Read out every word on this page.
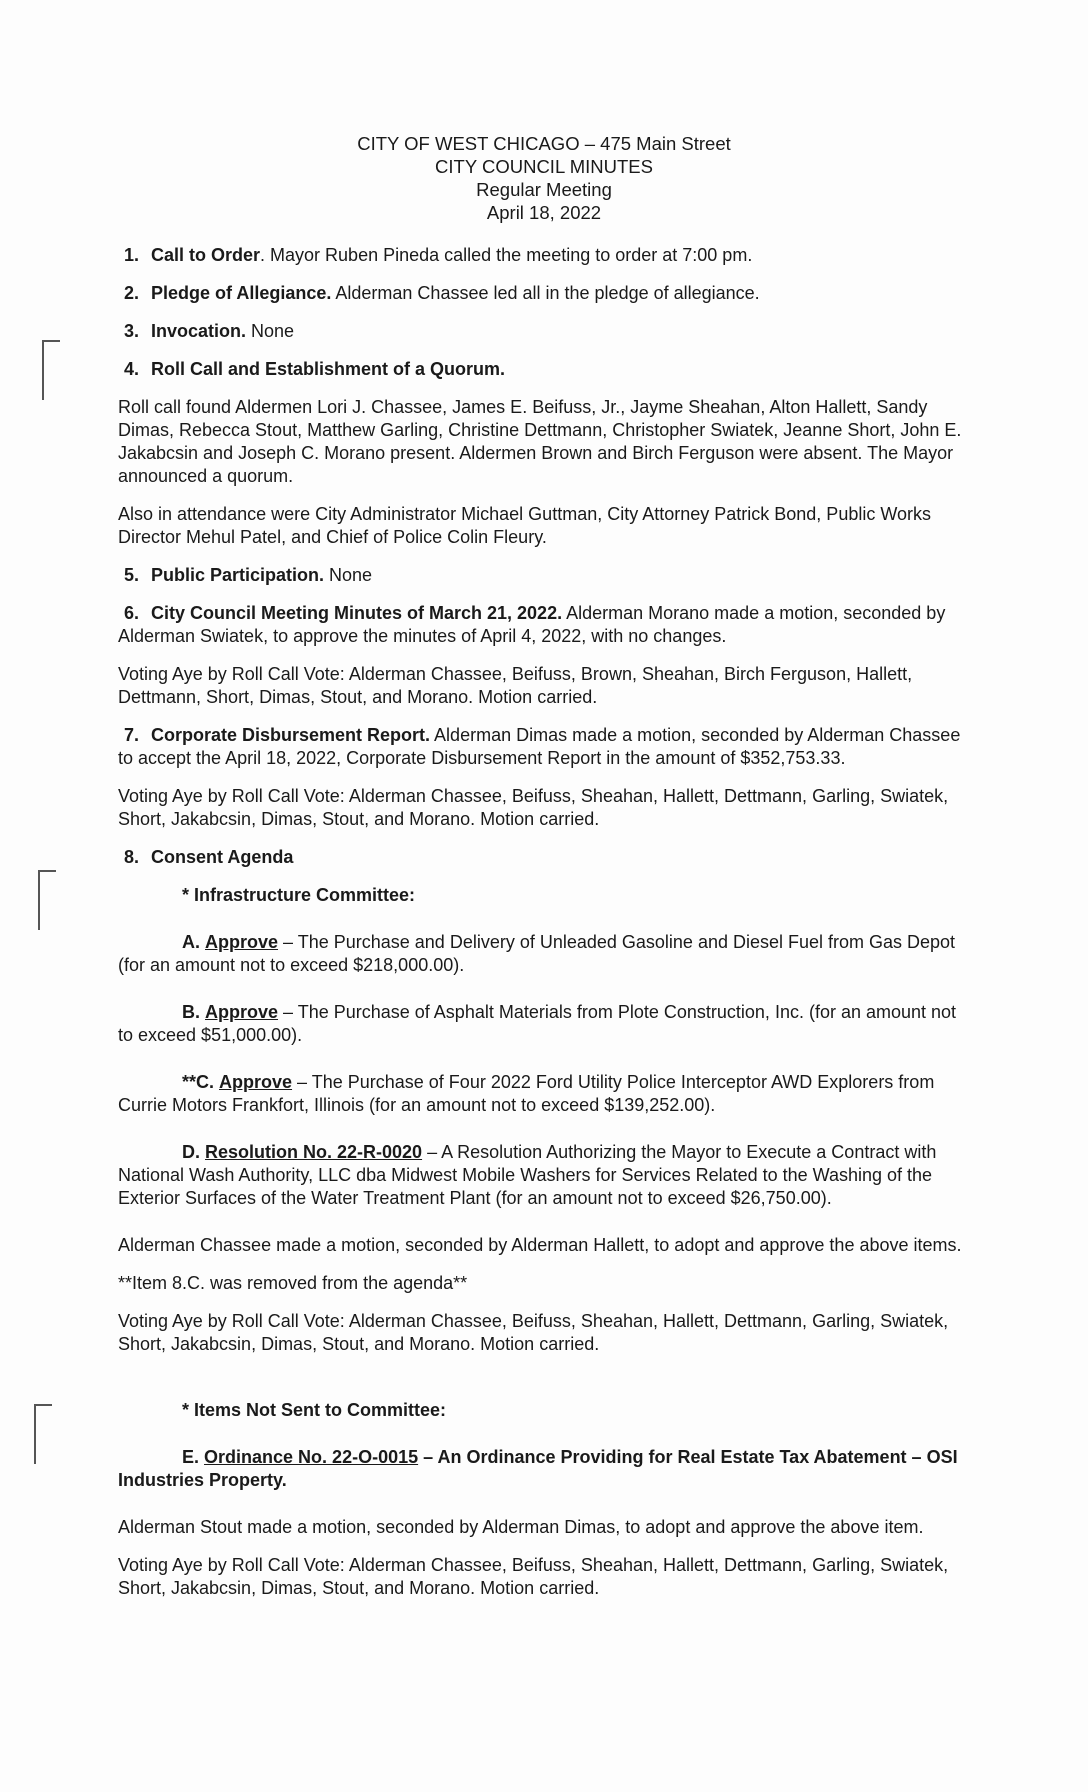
CITY OF WEST CHICAGO – 475 Main Street
CITY COUNCIL MINUTES
Regular Meeting
April 18, 2022
1. Call to Order. Mayor Ruben Pineda called the meeting to order at 7:00 pm.
2. Pledge of Allegiance. Alderman Chassee led all in the pledge of allegiance.
3. Invocation. None
4. Roll Call and Establishment of a Quorum.

Roll call found Aldermen Lori J. Chassee, James E. Beifuss, Jr., Jayme Sheahan, Alton Hallett, Sandy Dimas, Rebecca Stout, Matthew Garling, Christine Dettmann, Christopher Swiatek, Jeanne Short, John E. Jakabcsin and Joseph C. Morano present. Aldermen Brown and Birch Ferguson were absent. The Mayor announced a quorum.

Also in attendance were City Administrator Michael Guttman, City Attorney Patrick Bond, Public Works Director Mehul Patel, and Chief of Police Colin Fleury.

5. Public Participation. None
6. City Council Meeting Minutes of March 21, 2022. Alderman Morano made a motion, seconded by Alderman Swiatek, to approve the minutes of April 4, 2022, with no changes.

Voting Aye by Roll Call Vote: Alderman Chassee, Beifuss, Brown, Sheahan, Birch Ferguson, Hallett, Dettmann, Short, Dimas, Stout, and Morano. Motion carried.

7. Corporate Disbursement Report. Alderman Dimas made a motion, seconded by Alderman Chassee to accept the April 18, 2022, Corporate Disbursement Report in the amount of $352,753.33.

Voting Aye by Roll Call Vote: Alderman Chassee, Beifuss, Sheahan, Hallett, Dettmann, Garling, Swiatek, Short, Jakabcsin, Dimas, Stout, and Morano. Motion carried.

8. Consent Agenda
* Infrastructure Committee:
A. Approve – The Purchase and Delivery of Unleaded Gasoline and Diesel Fuel from Gas Depot (for an amount not to exceed $218,000.00).
B. Approve – The Purchase of Asphalt Materials from Plote Construction, Inc. (for an amount not to exceed $51,000.00).
**C. Approve – The Purchase of Four 2022 Ford Utility Police Interceptor AWD Explorers from Currie Motors Frankfort, Illinois (for an amount not to exceed $139,252.00).
D. Resolution No. 22-R-0020 – A Resolution Authorizing the Mayor to Execute a Contract with National Wash Authority, LLC dba Midwest Mobile Washers for Services Related to the Washing of the Exterior Surfaces of the Water Treatment Plant (for an amount not to exceed $26,750.00).

Alderman Chassee made a motion, seconded by Alderman Hallett, to adopt and approve the above items.

**Item 8.C. was removed from the agenda**

Voting Aye by Roll Call Vote: Alderman Chassee, Beifuss, Sheahan, Hallett, Dettmann, Garling, Swiatek, Short, Jakabcsin, Dimas, Stout, and Morano. Motion carried.

* Items Not Sent to Committee:
E. Ordinance No. 22-O-0015 – An Ordinance Providing for Real Estate Tax Abatement – OSI Industries Property.

Alderman Stout made a motion, seconded by Alderman Dimas, to adopt and approve the above item.

Voting Aye by Roll Call Vote: Alderman Chassee, Beifuss, Sheahan, Hallett, Dettmann, Garling, Swiatek, Short, Jakabcsin, Dimas, Stout, and Morano. Motion carried.
